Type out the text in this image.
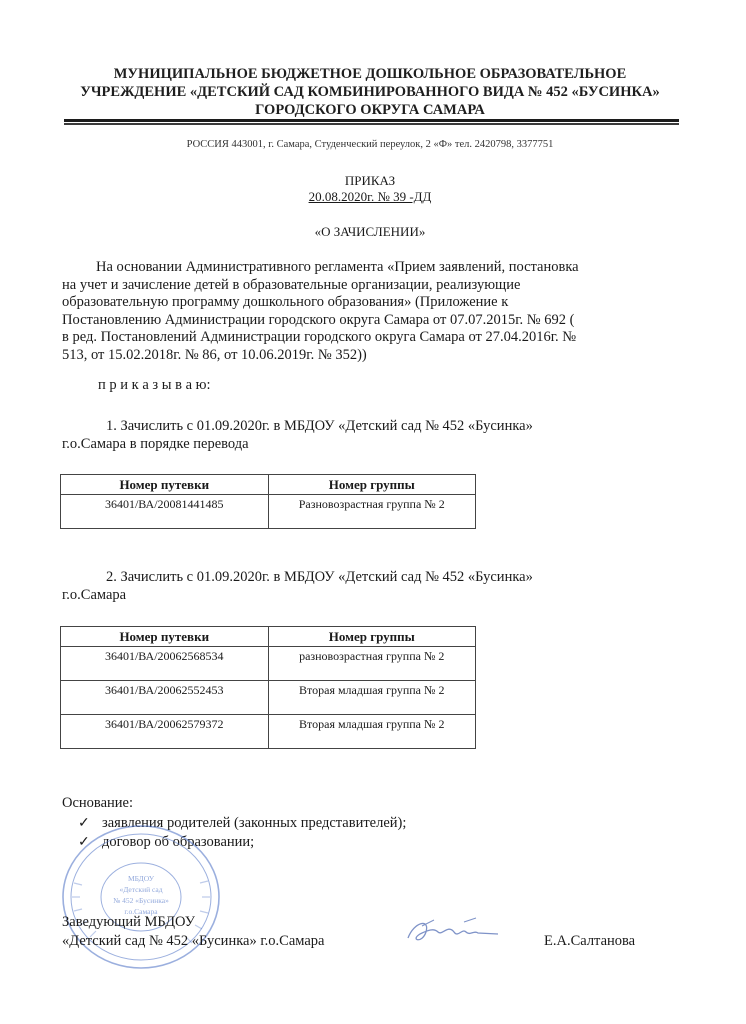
МУНИЦИПАЛЬНОЕ БЮДЖЕТНОЕ ДОШКОЛЬНОЕ ОБРАЗОВАТЕЛЬНОЕ
УЧРЕЖДЕНИЕ «ДЕТСКИЙ САД КОМБИНИРОВАННОГО ВИДА № 452 «БУСИНКА»
ГОРОДСКОГО ОКРУГА САМАРА
РОССИЯ 443001, г. Самара, Студенческий переулок, 2 «Ф» тел. 2420798, 3377751
ПРИКАЗ
20.08.2020г. № 39 -ДД
«О ЗАЧИСЛЕНИИ»
На основании Административного регламента «Прием заявлений, постановка
на учет и зачисление детей в образовательные организации, реализующие
образовательную программу дошкольного образования» (Приложение к
Постановлению Администрации городского округа Самара от 07.07.2015г. № 692 (
в ред. Постановлений Администрации городского округа Самара от 27.04.2016г. №
513, от 15.02.2018г. № 86, от 10.06.2019г. № 352))
п р и к а з ы в а ю:
1. Зачислить с 01.09.2020г. в МБДОУ «Детский сад № 452 «Бусинка»
г.о.Самара в порядке перевода
Номер путевки	Номер группы
36401/ВА/20081441485	Разновозрастная группа № 2
2. Зачислить с 01.09.2020г. в МБДОУ «Детский сад № 452 «Бусинка»
г.о.Самара
Номер путевки	Номер группы
36401/ВА/20062568534	разновозрастная группа № 2
36401/ВА/20062552453	Вторая младшая группа № 2
36401/ВА/20062579372	Вторая младшая группа № 2
Основание:
✓ заявления родителей (законных представителей);
✓ договор об образовании;
МБДОУ
«Детский сад
№ 452 «Бусинка»
г.о.Самара
Заведующий МБДОУ
«Детский сад № 452 «Бусинка» г.о.Самара	Е.А.Салтанова
